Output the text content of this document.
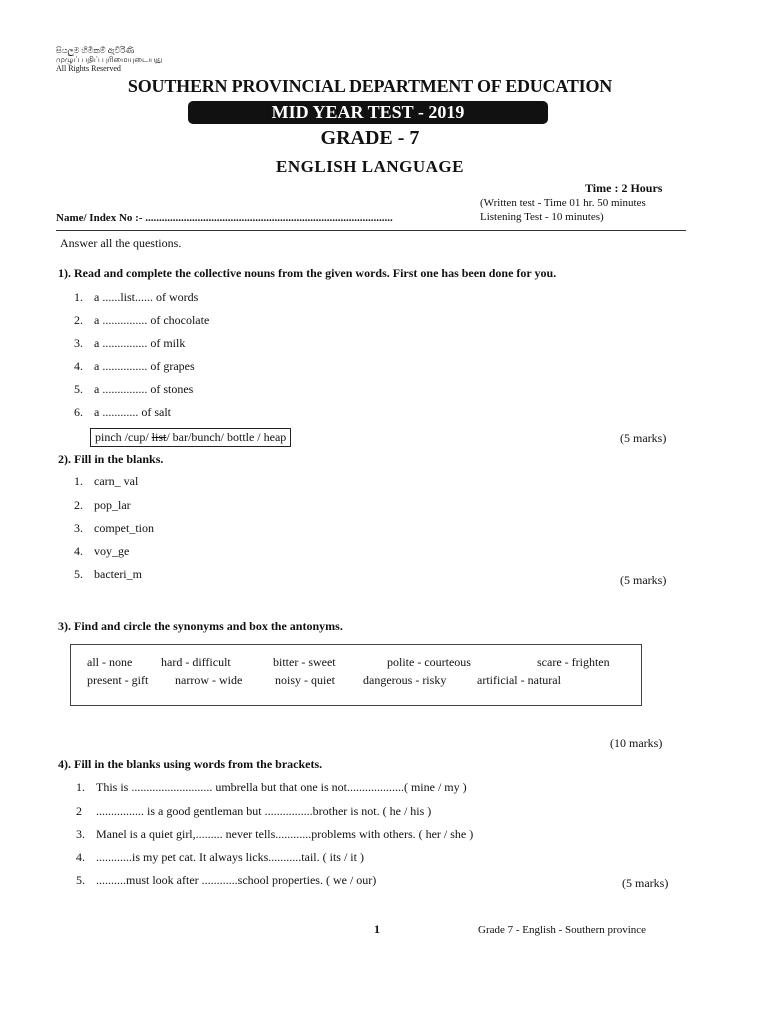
සියලුම හිමිකම් ඇවිරිණි
முழுப் பதிப் புரிமையுடையது
All Rights Reserved
SOUTHERN PROVINCIAL DEPARTMENT OF EDUCATION
MID YEAR TEST - 2019
GRADE - 7
ENGLISH LANGUAGE
Time : 2 Hours
(Written test - Time 01 hr. 50 minutes
Listening Test - 10 minutes)
Name/ Index No :- ..........................................................................................
Answer all the questions.
1). Read and complete the collective nouns from the given words. First one has been done for you.
1. a ......list...... of words
2. a ............... of chocolate
3. a ............... of milk
4. a ............... of grapes
5. a ............... of stones
6. a ............ of salt
pinch /cup/ list/ bar/bunch/ bottle / heap	(5 marks)
2). Fill in the blanks.
1. carn_ val
2. pop_lar
3. compet_tion
4. voy_ge
5. bacteri_m	(5 marks)
3). Find and circle the synonyms and box the antonyms.
all - none hard - difficult	bitter - sweet	polite - courteous	scare - frighten
present - gift narrow - wide	noisy - quiet dangerous - risky	artificial - natural
(10 marks)
4). Fill in the blanks using words from the brackets.
1. This is ........................... umbrella but that one is not...................( mine / my )
2 ................ is a good gentleman but ................brother is not. ( he / his )
3. Manel is a quiet girl,......... never tells............problems with others. ( her / she )
4. ............is my pet cat. It always licks...........tail. ( its / it )
5. ..........must look after ............school properties. ( we / our)	(5 marks)
1	Grade 7 - English - Southern province
